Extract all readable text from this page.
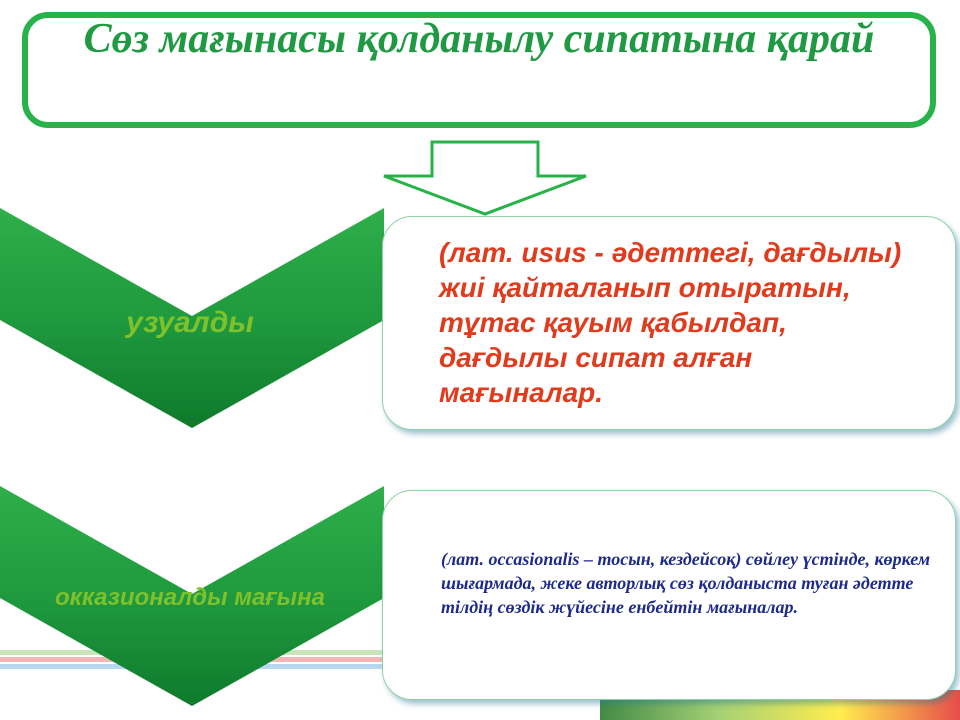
Сөз мағынасы қолданылу сипатына қарай
узуалды
окказионалды мағына
(лат. usus - әдеттегі, дағдылы) жиі қайталанып отыратын, тұтас қауым қабылдап, дағдылы сипат алған мағыналар.
(лат. occasionalis – тосын, кездейсоқ) сөйлеу үстінде, көркем шығармада, жеке авторлық сөз қолданыста туған әдетте тілдің сөздік жүйесіне енбейтін мағыналар.
